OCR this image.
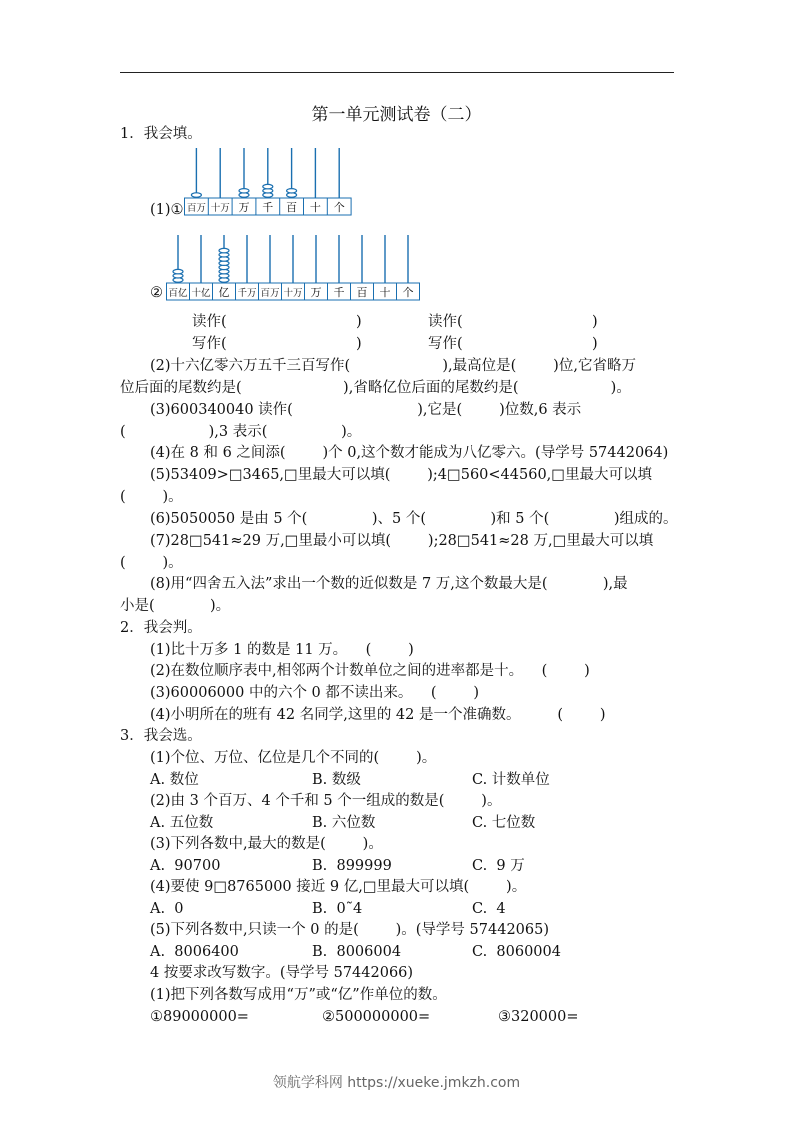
第一单元测试卷（二）
1．我会填。
(1)① 百万 十万 万 千 百 十 个
② 百亿 十亿 亿 千万 百万 十万 万 千 百 十 个
读作(	)	读作(	)
写作(	)	写作(	)
(2)十六亿零六万五千三百写作(                    ),最高位是(        )位,它省略万
位后面的尾数约是(                      ),省略亿位后面的尾数约是(                    )。
(3)600340040 读作(                           ),它是(        )位数,6 表示
(                  ),3 表示(                )。
(4)在 8 和 6 之间添(        )个 0,这个数才能成为八亿零六。(导学号 57442064)
(5)53409>□3465,□里最大可以填(        );4□560<44560,□里最大可以填
(        )。
(6)5050050 是由 5 个(              )、5 个(              )和 5 个(              )组成的。
(7)28□541≈29 万,□里最小可以填(        );28□541≈28 万,□里最大可以填
(        )。
(8)用“四舍五入法”求出一个数的近似数是 7 万,这个数最大是(            ),最
小是(            )。
2．我会判。
(1)比十万多 1 的数是 11 万。    (        )
(2)在数位顺序表中,相邻两个计数单位之间的进率都是十。    (        )
(3)60006000 中的六个 0 都不读出来。    (        )
(4)小明所在的班有 42 名同学,这里的 42 是一个准确数。        (        )
3．我会选。
(1)个位、万位、亿位是几个不同的(        )。
A. 数位	B. 数级	C. 计数单位
(2)由 3 个百万、4 个千和 5 个一组成的数是(        )。
A. 五位数	B. 六位数	C. 七位数
(3)下列各数中,最大的数是(        )。
A.  90700	B.  899999	C.  9 万
(4)要使 9□8765000 接近 9 亿,□里最大可以填(        )。
A.  0	B.  0˜4	C.  4
(5)下列各数中,只读一个 0 的是(        )。(导学号 57442065)
A.  8006400	B.  8006004	C.  8060004
4 按要求改写数字。(导学号 57442066)
(1)把下列各数写成用“万”或“亿”作单位的数。
①89000000=	②500000000=	③320000=
领航学科网 https://xueke.jmkzh.com
